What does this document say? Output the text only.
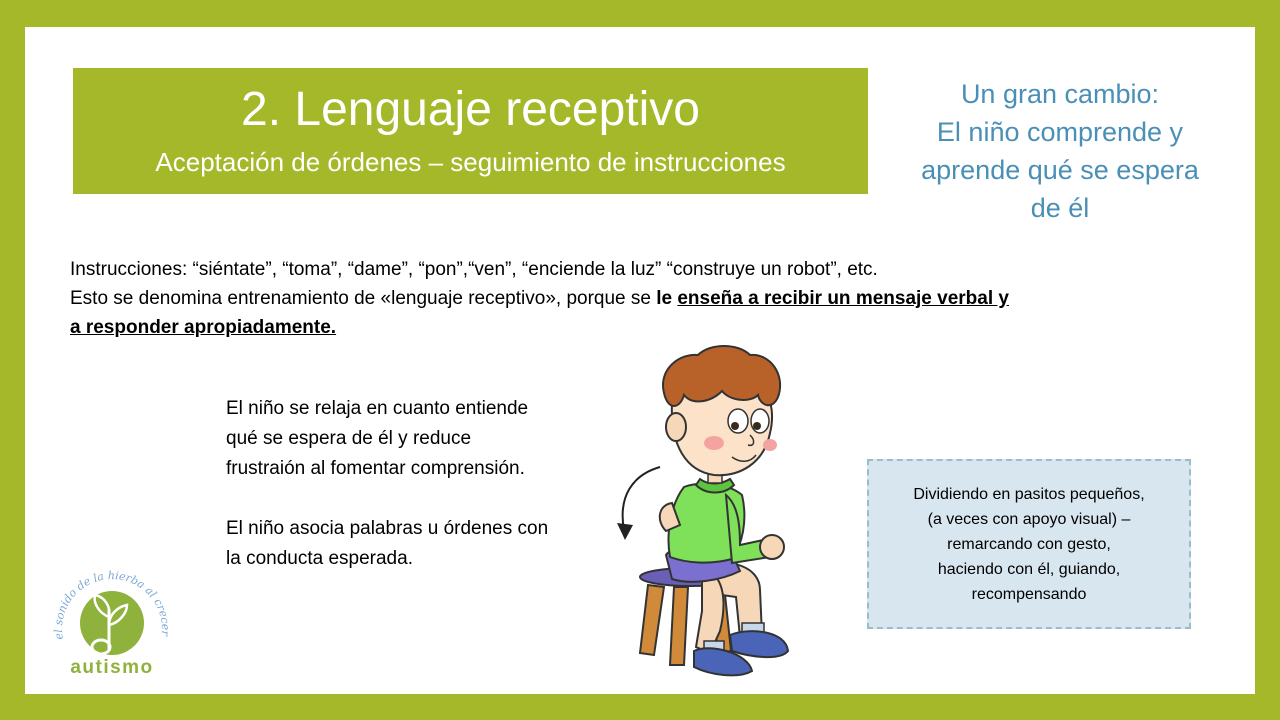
2. Lenguaje receptivo
Aceptación de órdenes – seguimiento de instrucciones
Un gran cambio:
El niño comprende y
aprende qué se espera
de él

Instrucciones: “siéntate”, “toma”, “dame”, “pon”,“ven”, “enciende la luz” “construye un robot”, etc.

Esto se denomina entrenamiento de «lenguaje receptivo», porque se le enseña a recibir un mensaje verbal y

a responder apropiadamente.

El niño se relaja en cuanto entiende

qué se espera de él y reduce

frustraión al fomentar comprensión.

El niño asocia palabras u órdenes con

la conducta esperada.

Dividiendo en pasitos pequeños,
(a veces con apoyo visual) –
remarcando con gesto,
haciendo con él, guiando,
recompensando
el sonido de la hierba al crecer
autismo
